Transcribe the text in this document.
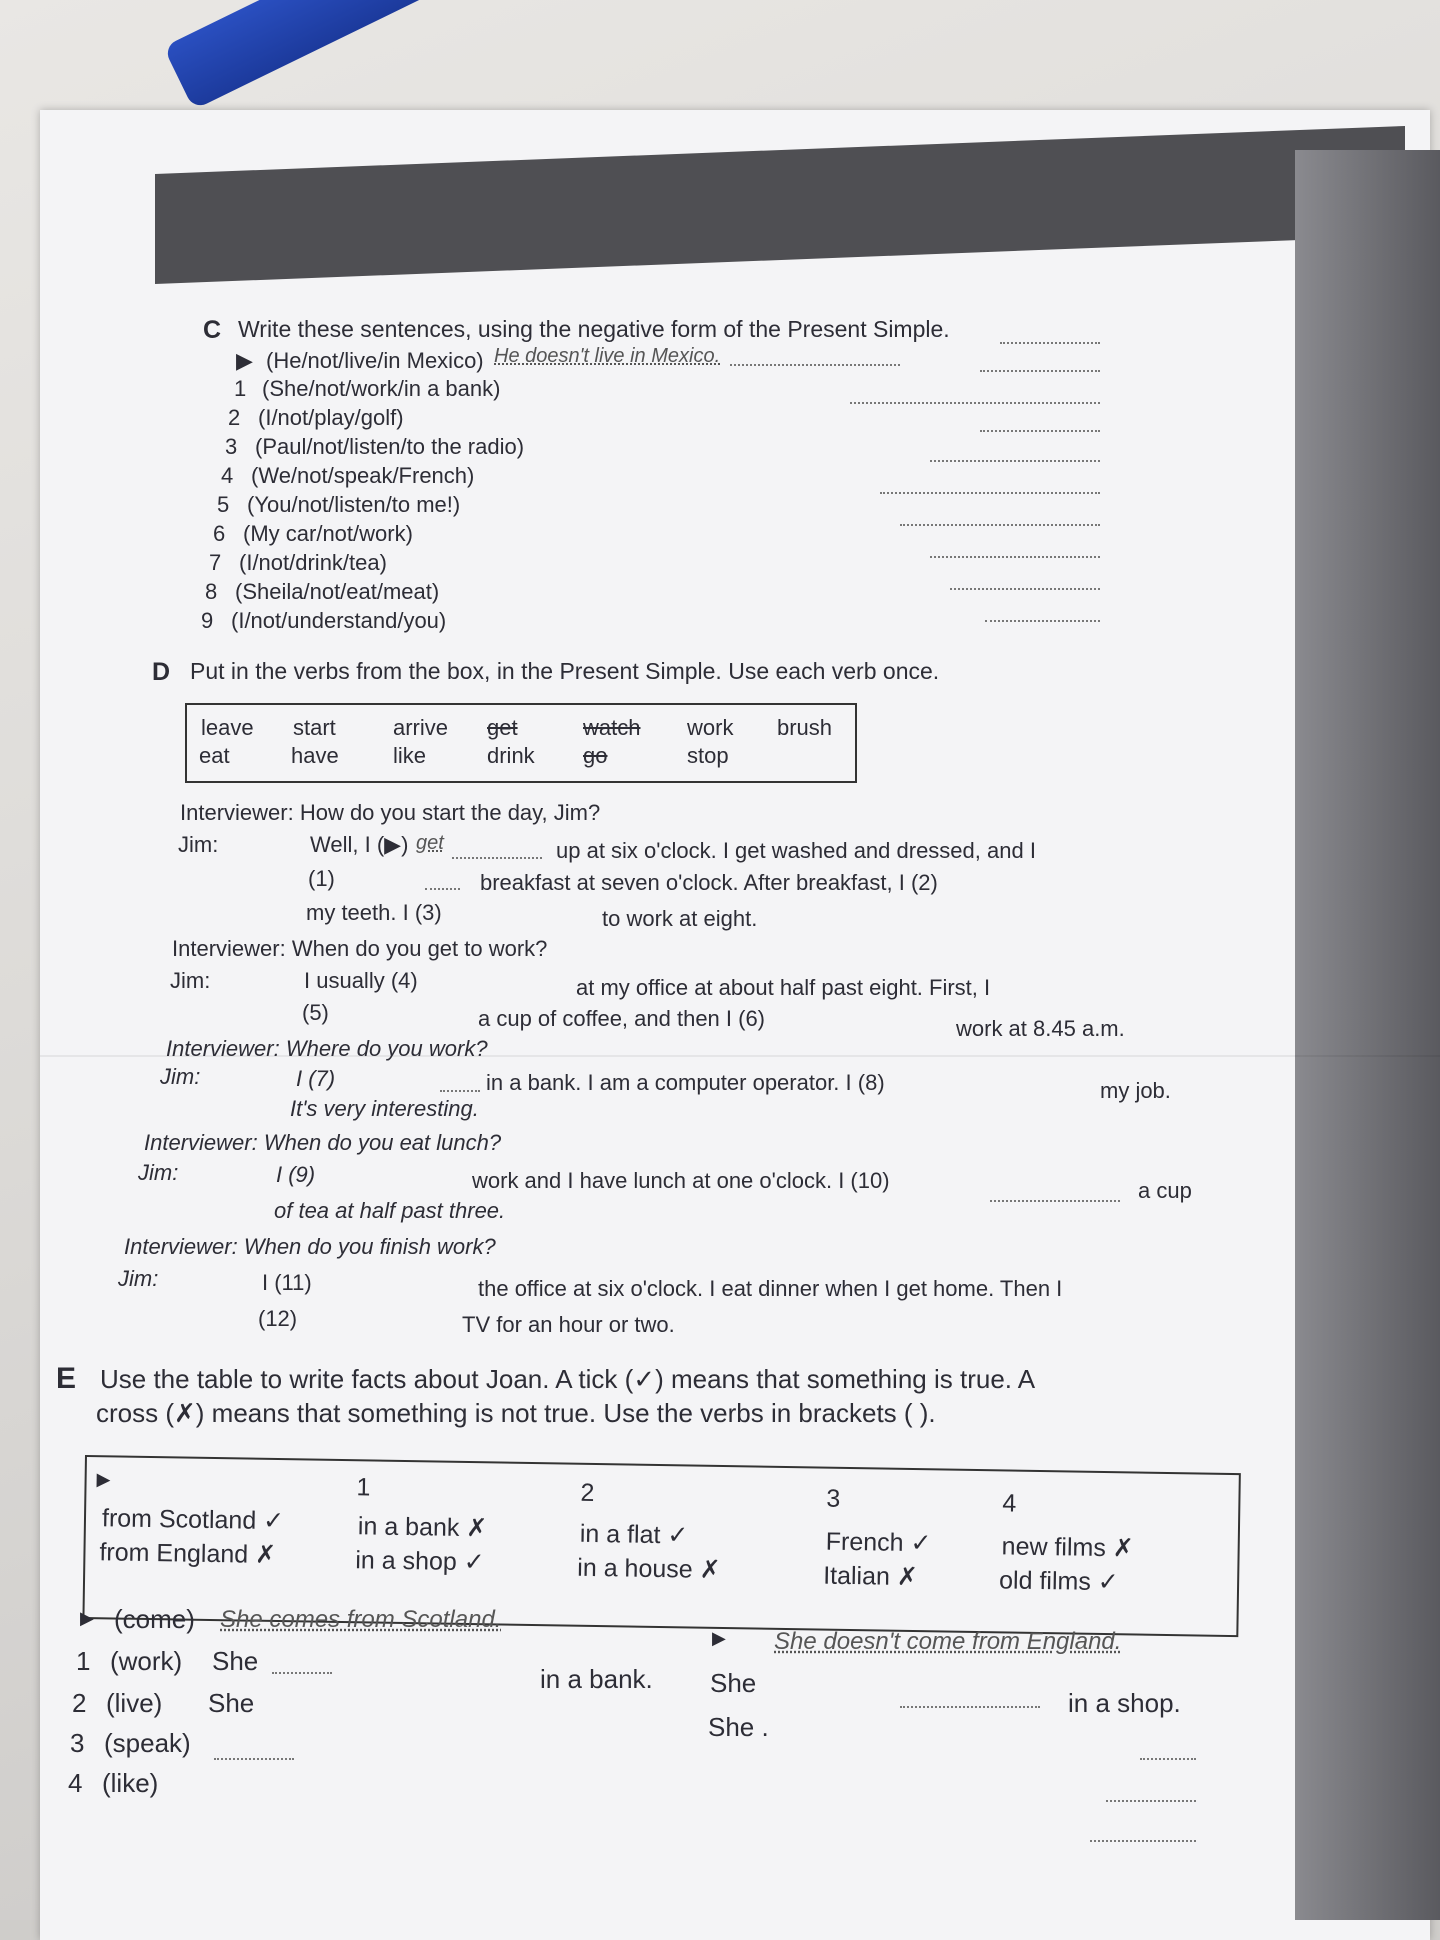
C Write these sentences, using the negative form of the Present Simple.
▶ (He/not/live/in Mexico) He doesn't live in Mexico.
1 (She/not/work/in a bank)
2 (I/not/play/golf)
3 (Paul/not/listen/to the radio)
4 (We/not/speak/French)
5 (You/not/listen/to me!)
6 (My car/not/work)
7 (I/not/drink/tea)
8 (Sheila/not/eat/meat)
9 (I/not/understand/you)
D Put in the verbs from the box, in the Present Simple. Use each verb once.
leave start	arrive get	watch work brush
eat	have like	drink go	stop
Interviewer: How do you start the day, Jim?
Jim:	Well, I (▶) get	up at six o'clock. I get washed and dressed, and I
(1)	breakfast at seven o'clock. After breakfast, I (2)
my teeth. I (3)	to work at eight.
Interviewer: When do you get to work?
Jim:	I usually (4)	at my office at about half past eight. First, I
(5)	a cup of coffee, and then I (6)	work at 8.45 a.m.
Interviewer: Where do you work?
Jim:	I (7)	in a bank. I am a computer operator. I (8)	my job.
It's very interesting.
Interviewer: When do you eat lunch?
Jim:	I (9)	work and I have lunch at one o'clock. I (10)	a cup
of tea at half past three.
Interviewer: When do you finish work?
Jim:	I (11)	the office at six o'clock. I eat dinner when I get home. Then I
(12)	TV for an hour or two.
E Use the table to write facts about Joan. A tick (✓) means that something is true. A
cross (✗) means that something is not true. Use the verbs in brackets ( ).
▶	1	2	3	4
from Scotland ✓	in a bank ✗	in a flat ✓	French ✓	new films ✗
from England ✗	in a shop ✓	in a house ✗	Italian ✗	old films ✓
▶ (come) She comes from Scotland.
▶ She doesn't come from England.
1 (work) She
in a bank. She
in a shop.
2 (live) She
She .
3 (speak)
4 (like)
